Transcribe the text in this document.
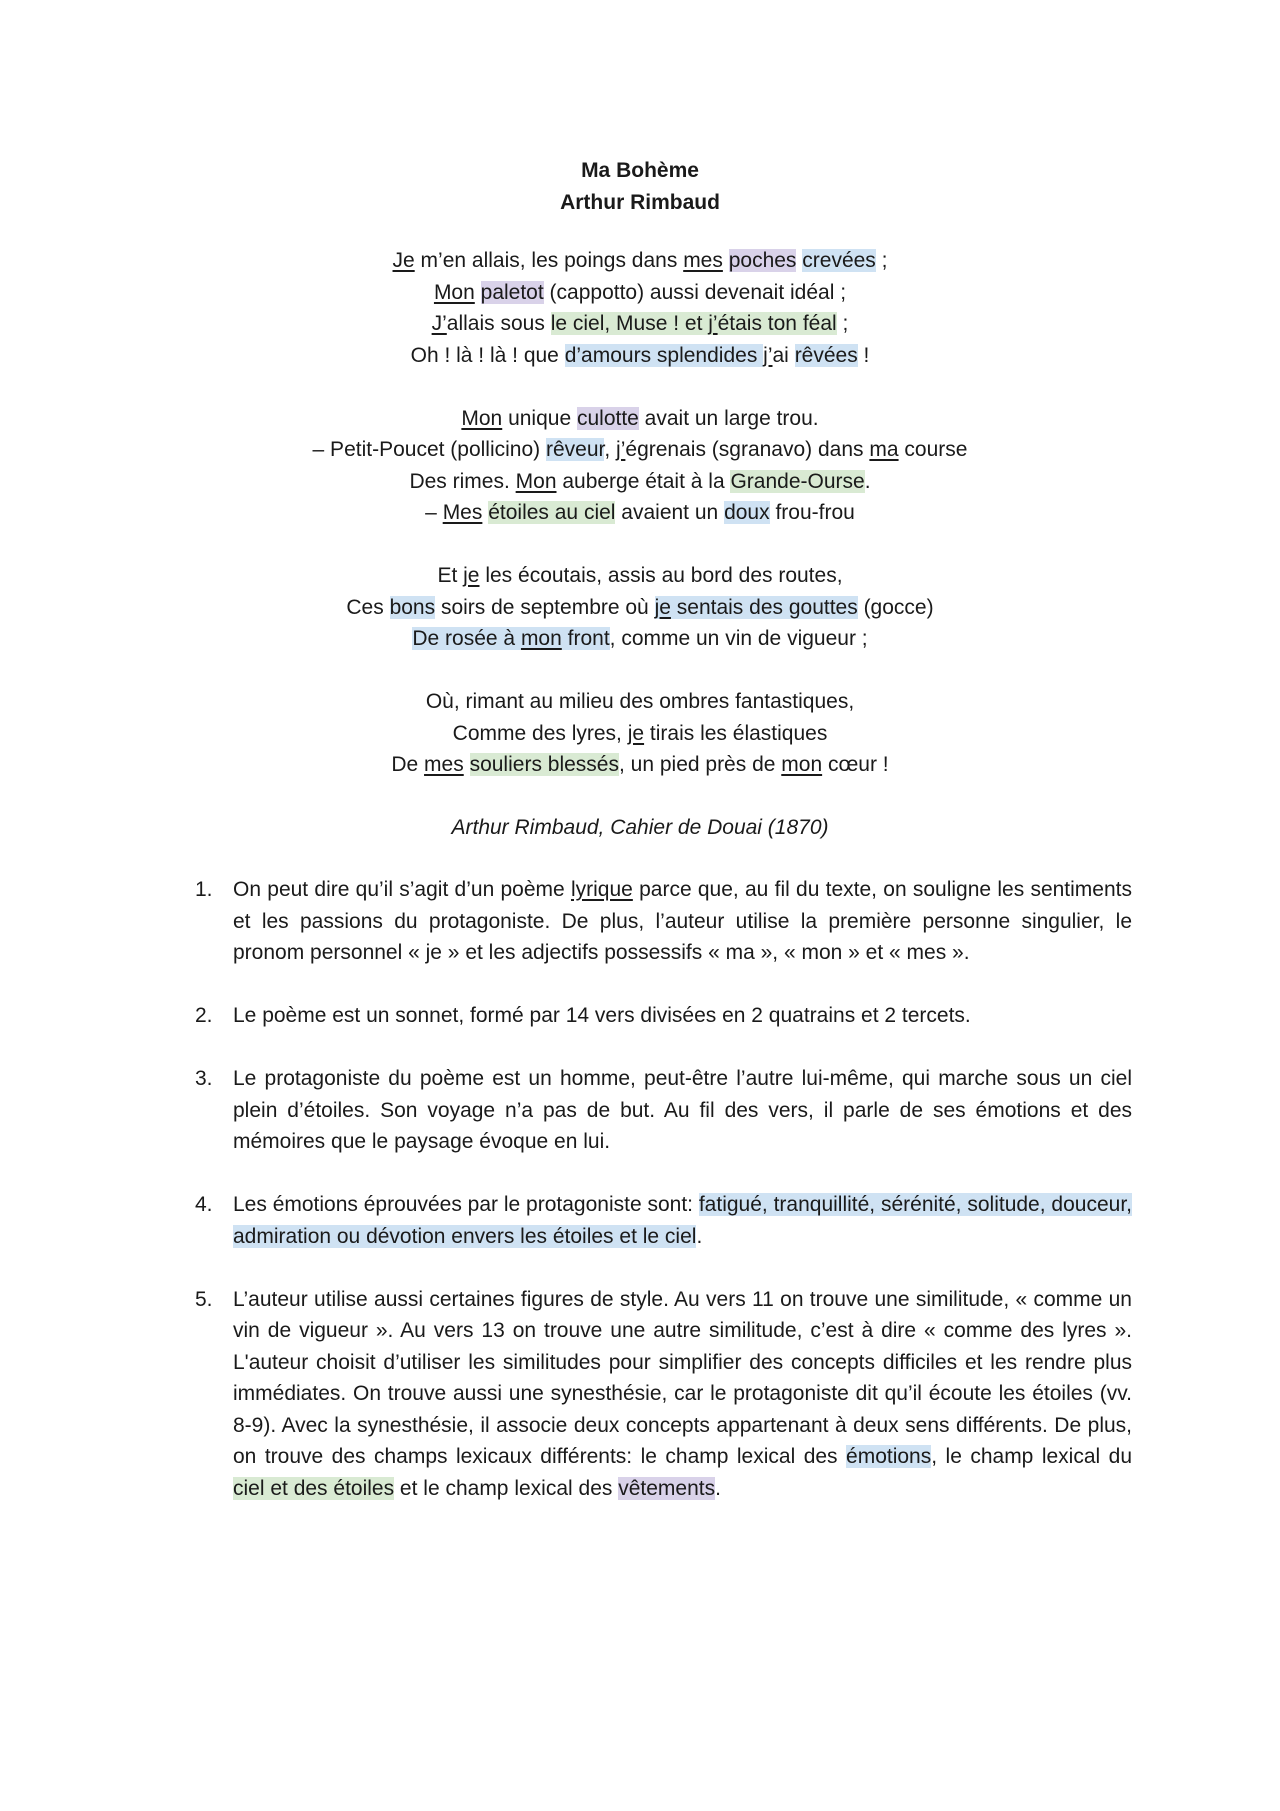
Ma Bohème
Arthur Rimbaud
Je m’en allais, les poings dans mes poches crevées ;
Mon paletot (cappotto) aussi devenait idéal ;
J’allais sous le ciel, Muse ! et j’étais ton féal ;
Oh ! là ! là ! que d’amours splendides j’ai rêvées !
Mon unique culotte avait un large trou.
– Petit-Poucet (pollicino) rêveur, j’égrenais (sgranavo) dans ma course
Des rimes. Mon auberge était à la Grande-Ourse.
– Mes étoiles au ciel avaient un doux frou-frou
Et je les écoutais, assis au bord des routes,
Ces bons soirs de septembre où je sentais des gouttes (gocce)
De rosée à mon front, comme un vin de vigueur ;
Où, rimant au milieu des ombres fantastiques,
Comme des lyres, je tirais les élastiques
De mes souliers blessés, un pied près de mon cœur !
Arthur Rimbaud, Cahier de Douai (1870)
1. On peut dire qu’il s’agit d’un poème lyrique parce que, au fil du texte, on souligne les sentiments et les passions du protagoniste. De plus, l’auteur utilise la première personne singulier, le pronom personnel « je » et les adjectifs possessifs « ma », « mon » et « mes ».
2. Le poème est un sonnet, formé par 14 vers divisées en 2 quatrains et 2 tercets.
3. Le protagoniste du poème est un homme, peut-être l’autre lui-même, qui marche sous un ciel plein d’étoiles. Son voyage n’a pas de but. Au fil des vers, il parle de ses émotions et des mémoires que le paysage évoque en lui.
4. Les émotions éprouvées par le protagoniste sont: fatigué, tranquillité, sérénité, solitude, douceur, admiration ou dévotion envers les étoiles et le ciel.
5. L’auteur utilise aussi certaines figures de style. Au vers 11 on trouve une similitude, « comme un vin de vigueur ». Au vers 13 on trouve une autre similitude, c’est à dire « comme des lyres ». L'auteur choisit d’utiliser les similitudes pour simplifier des concepts difficiles et les rendre plus immédiates. On trouve aussi une synesthésie, car le protagoniste dit qu’il écoute les étoiles (vv. 8-9). Avec la synesthésie, il associe deux concepts appartenant à deux sens différents. De plus, on trouve des champs lexicaux différents: le champ lexical des émotions, le champ lexical du ciel et des étoiles et le champ lexical des vêtements.
